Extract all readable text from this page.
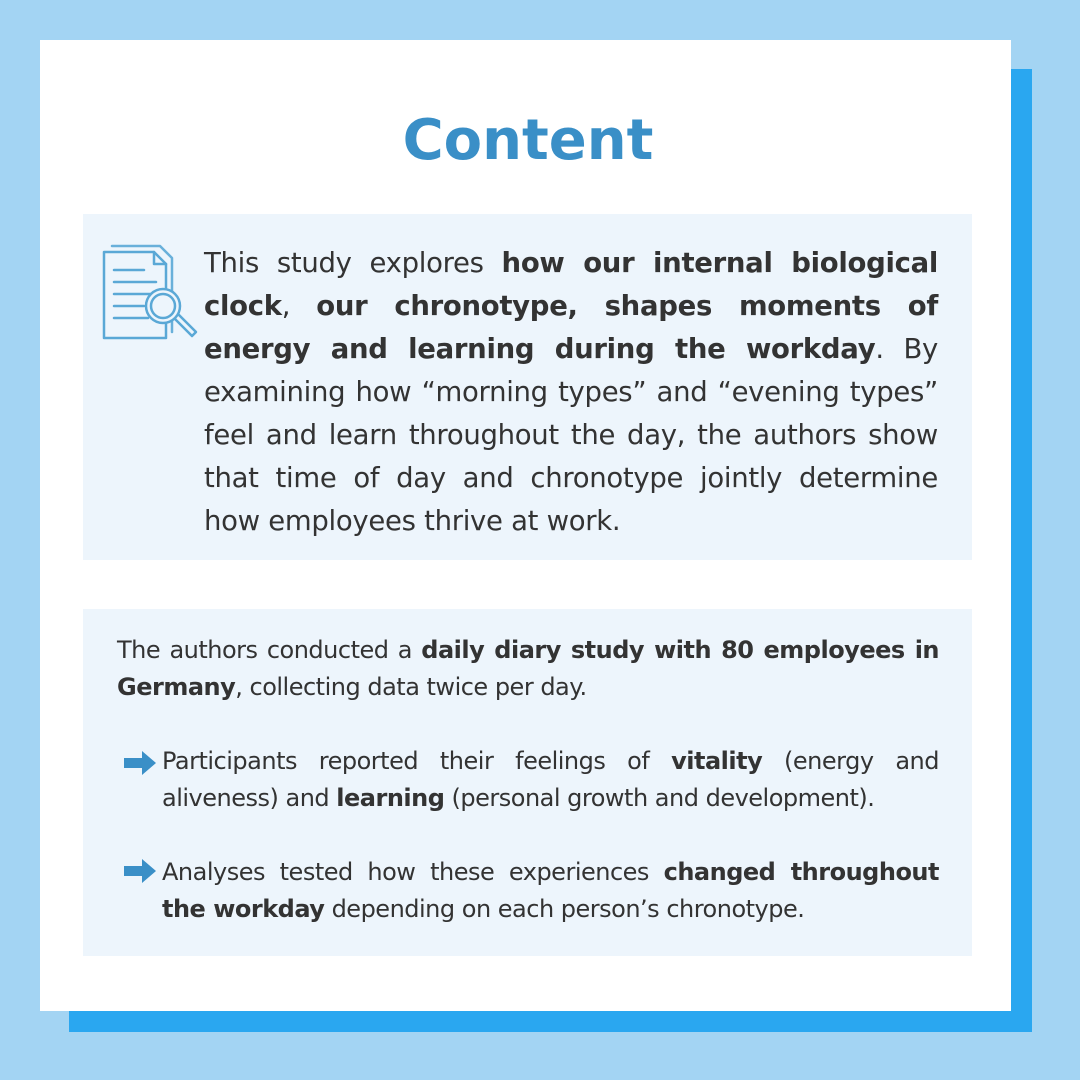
Content
This study explores how our internal biological clock, our chronotype, shapes moments of energy and learning during the workday. By examining how “morning types” and “evening types” feel and learn throughout the day, the authors show that time of day and chronotype jointly determine how employees thrive at work.
The authors conducted a daily diary study with 80 employees in Germany, collecting data twice per day.
Participants reported their feelings of vitality (energy and aliveness) and learning (personal growth and development).
Analyses tested how these experiences changed throughout the workday depending on each person’s chronotype.
